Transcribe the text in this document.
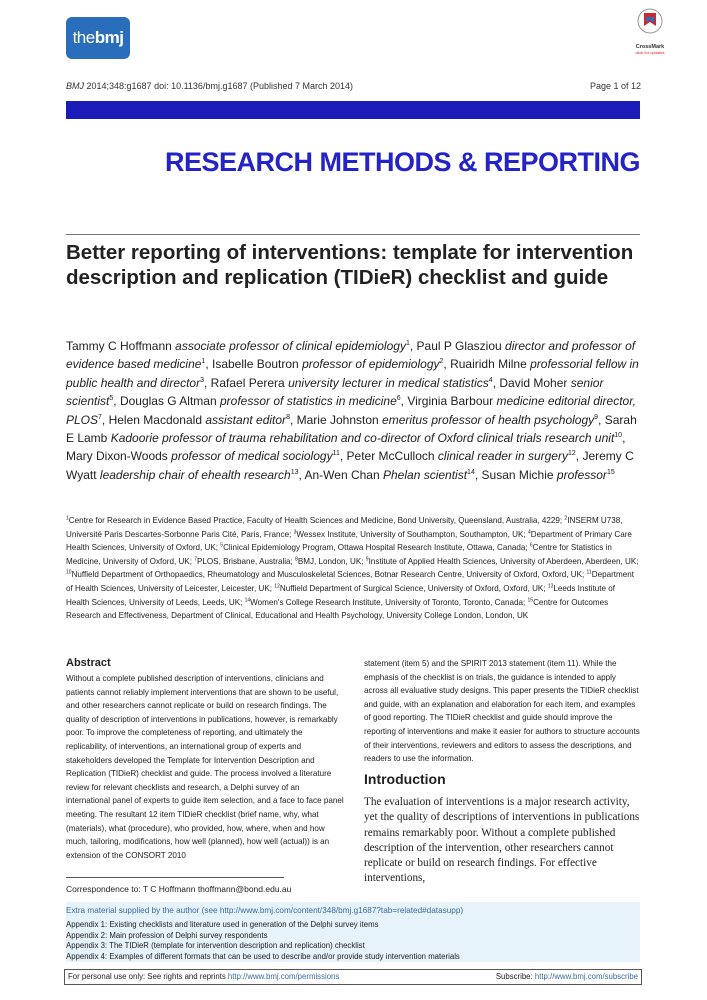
thebmj	CrossMark
click for updates
BMJ 2014;348:g1687 doi: 10.1136/bmj.g1687 (Published 7 March 2014)	Page 1 of 12
RESEARCH METHODS & REPORTING
Better reporting of interventions: template for intervention description and replication (TIDieR) checklist and guide
Tammy C Hoffmann associate professor of clinical epidemiology$^1$, Paul P Glasziou director and professor of evidence based medicine$^1$, Isabelle Boutron professor of epidemiology$^2$, Ruairidh Milne professorial fellow in public health and director$^3$, Rafael Perera university lecturer in medical statistics$^4$, David Moher senior scientist$^5$, Douglas G Altman professor of statistics in medicine$^6$, Virginia Barbour medicine editorial director, PLOS$^7$, Helen Macdonald assistant editor$^8$, Marie Johnston emeritus professor of health psychology$^9$, Sarah E Lamb Kadoorie professor of trauma rehabilitation and co-director of Oxford clinical trials research unit$^{10}$, Mary Dixon-Woods professor of medical sociology$^{11}$, Peter McCulloch clinical reader in surgery$^{12}$, Jeremy C Wyatt leadership chair of ehealth research$^{13}$, An-Wen Chan Phelan scientist$^{14}$, Susan Michie professor$^{15}$
$^1$Centre for Research in Evidence Based Practice, Faculty of Health Sciences and Medicine, Bond University, Queensland, Australia, 4229; $^2$INSERM U738, Université Paris Descartes-Sorbonne Paris Cité, Paris, France; $^3$Wessex Institute, University of Southampton, Southampton, UK; $^4$Department of Primary Care Health Sciences, University of Oxford, UK; $^5$Clinical Epidemiology Program, Ottawa Hospital Research Institute, Ottawa, Canada; $^6$Centre for Statistics in Medicine, University of Oxford, UK; $^7$PLOS, Brisbane, Australia; $^8$BMJ, London, UK; $^9$Institute of Applied Health Sciences, University of Aberdeen, Aberdeen, UK; $^{10}$Nuffield Department of Orthopaedics, Rheumatology and Musculoskeletal Sciences, Botnar Research Centre, University of Oxford, Oxford, UK; $^{11}$Department of Health Sciences, University of Leicester, Leicester, UK; $^{12}$Nuffield Department of Surgical Science, University of Oxford, Oxford, UK; $^{13}$Leeds Institute of Health Sciences, University of Leeds, Leeds, UK; $^{14}$Women's College Research Institute, University of Toronto, Toronto, Canada; $^{15}$Centre for Outcomes Research and Effectiveness, Department of Clinical, Educational and Health Psychology, University College London, London, UK
Abstract
Without a complete published description of interventions, clinicians and patients cannot reliably implement interventions that are shown to be useful, and other researchers cannot replicate or build on research findings. The quality of description of interventions in publications, however, is remarkably poor. To improve the completeness of reporting, and ultimately the replicability, of interventions, an international group of experts and stakeholders developed the Template for Intervention Description and Replication (TIDieR) checklist and guide. The process involved a literature review for relevant checklists and research, a Delphi survey of an international panel of experts to guide item selection, and a face to face panel meeting. The resultant 12 item TIDieR checklist (brief name, why, what (materials), what (procedure), who provided, how, where, when and how much, tailoring, modifications, how well (planned), how well (actual)) is an extension of the CONSORT 2010
statement (item 5) and the SPIRIT 2013 statement (item 11). While the emphasis of the checklist is on trials, the guidance is intended to apply across all evaluative study designs. This paper presents the TIDieR checklist and guide, with an explanation and elaboration for each item, and examples of good reporting. The TIDieR checklist and guide should improve the reporting of interventions and make it easier for authors to structure accounts of their interventions, reviewers and editors to assess the descriptions, and readers to use the information.
Introduction
The evaluation of interventions is a major research activity, yet the quality of descriptions of interventions in publications remains remarkably poor. Without a complete published description of the intervention, other researchers cannot replicate or build on research findings. For effective interventions,
Correspondence to: T C Hoffmann thoffmann@bond.edu.au
Extra material supplied by the author (see http://www.bmj.com/content/348/bmj.g1687?tab=related#datasupp)
Appendix 1: Existing checklists and literature used in generation of the Delphi survey items
Appendix 2: Main profession of Delphi survey respondents
Appendix 3: The TIDieR (template for intervention description and replication) checklist
Appendix 4: Examples of different formats that can be used to describe and/or provide study intervention materials
For personal use only: See rights and reprints http://www.bmj.com/permissions	Subscribe: http://www.bmj.com/subscribe
